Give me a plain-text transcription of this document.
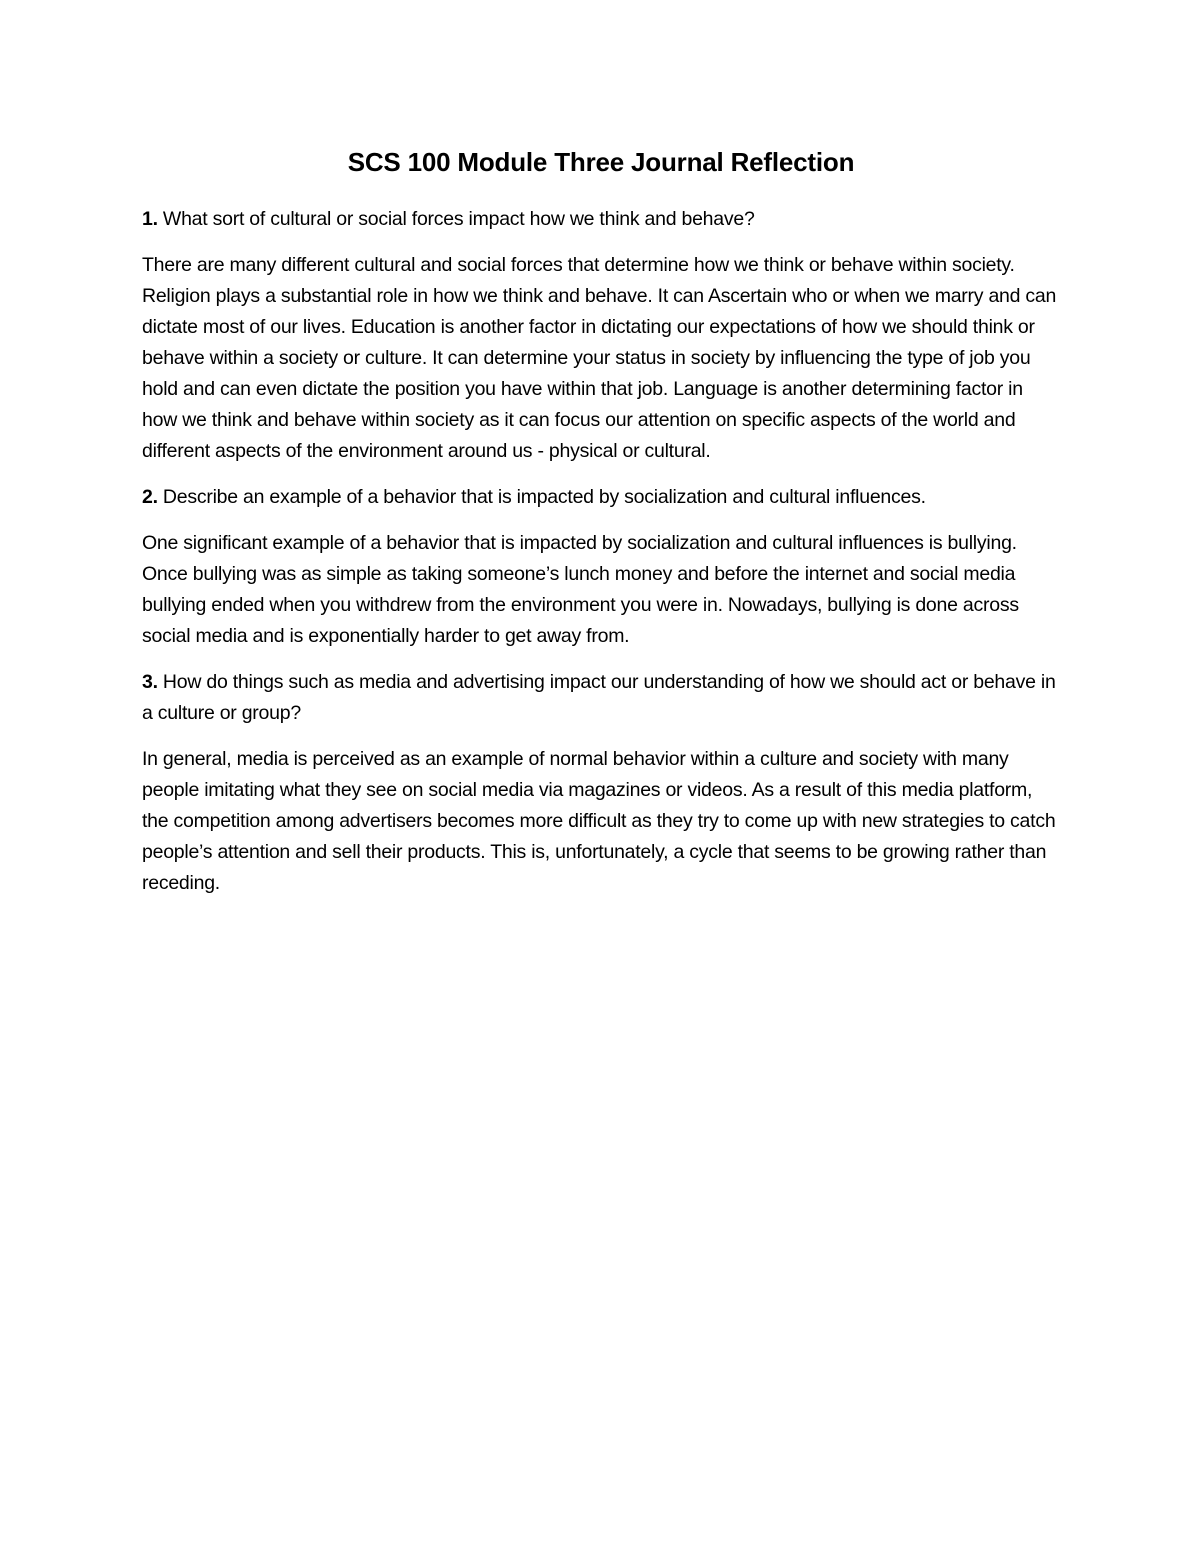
SCS 100 Module Three Journal Reflection

1. What sort of cultural or social forces impact how we think and behave?

There are many different cultural and social forces that determine how we think or behave within society. Religion plays a substantial role in how we think and behave. It can Ascertain who or when we marry and can dictate most of our lives. Education is another factor in dictating our expectations of how we should think or behave within a society or culture. It can determine your status in society by influencing the type of job you hold and can even dictate the position you have within that job. Language is another determining factor in how we think and behave within society as it can focus our attention on specific aspects of the world and different aspects of the environment around us - physical or cultural.

2. Describe an example of a behavior that is impacted by socialization and cultural influences.

One significant example of a behavior that is impacted by socialization and cultural influences is bullying. Once bullying was as simple as taking someone’s lunch money and before the internet and social media bullying ended when you withdrew from the environment you were in. Nowadays, bullying is done across social media and is exponentially harder to get away from.

3. How do things such as media and advertising impact our understanding of how we should act or behave in a culture or group?

In general, media is perceived as an example of normal behavior within a culture and society with many people imitating what they see on social media via magazines or videos. As a result of this media platform, the competition among advertisers becomes more difficult as they try to come up with new strategies to catch people’s attention and sell their products. This is, unfortunately, a cycle that seems to be growing rather than receding.
